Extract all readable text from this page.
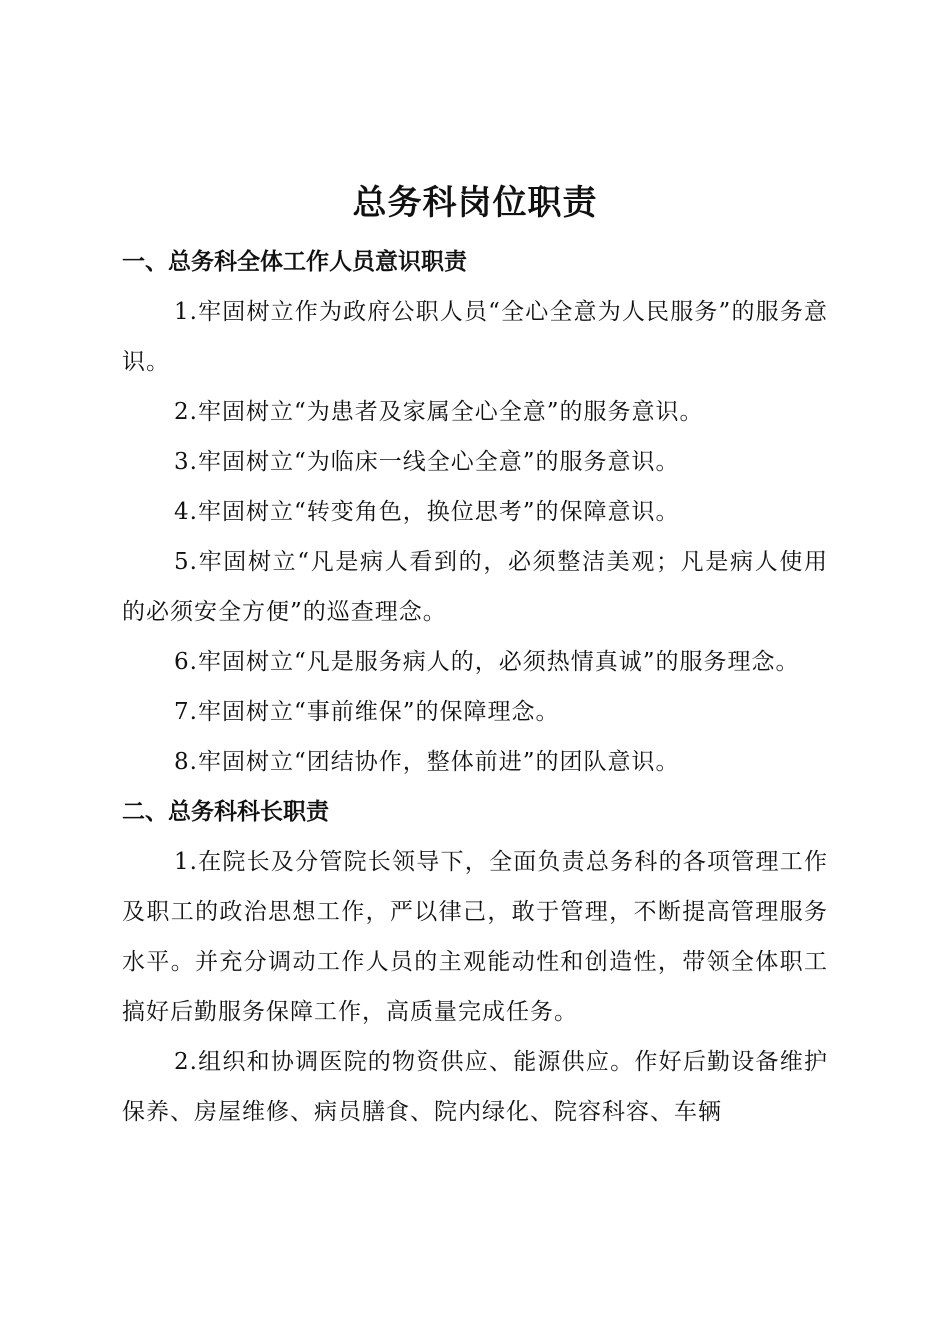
总务科岗位职责

一、总务科全体工作人员意识职责

1.牢固树立作为政府公职人员“全心全意为人民服务”的服务意识。

2.牢固树立“为患者及家属全心全意”的服务意识。

3.牢固树立“为临床一线全心全意”的服务意识。

4.牢固树立“转变角色，换位思考”的保障意识。

5.牢固树立“凡是病人看到的，必须整洁美观；凡是病人使用的必须安全方便”的巡查理念。

6.牢固树立“凡是服务病人的，必须热情真诚”的服务理念。

7.牢固树立“事前维保”的保障理念。

8.牢固树立“团结协作，整体前进”的团队意识。

二、总务科科长职责

1.在院长及分管院长领导下，全面负责总务科的各项管理工作及职工的政治思想工作，严以律己，敢于管理，不断提高管理服务水平。并充分调动工作人员的主观能动性和创造性，带领全体职工搞好后勤服务保障工作，高质量完成任务。

2.组织和协调医院的物资供应、能源供应。作好后勤设备维护保养、房屋维修、病员膳食、院内绿化、院容科容、车辆
